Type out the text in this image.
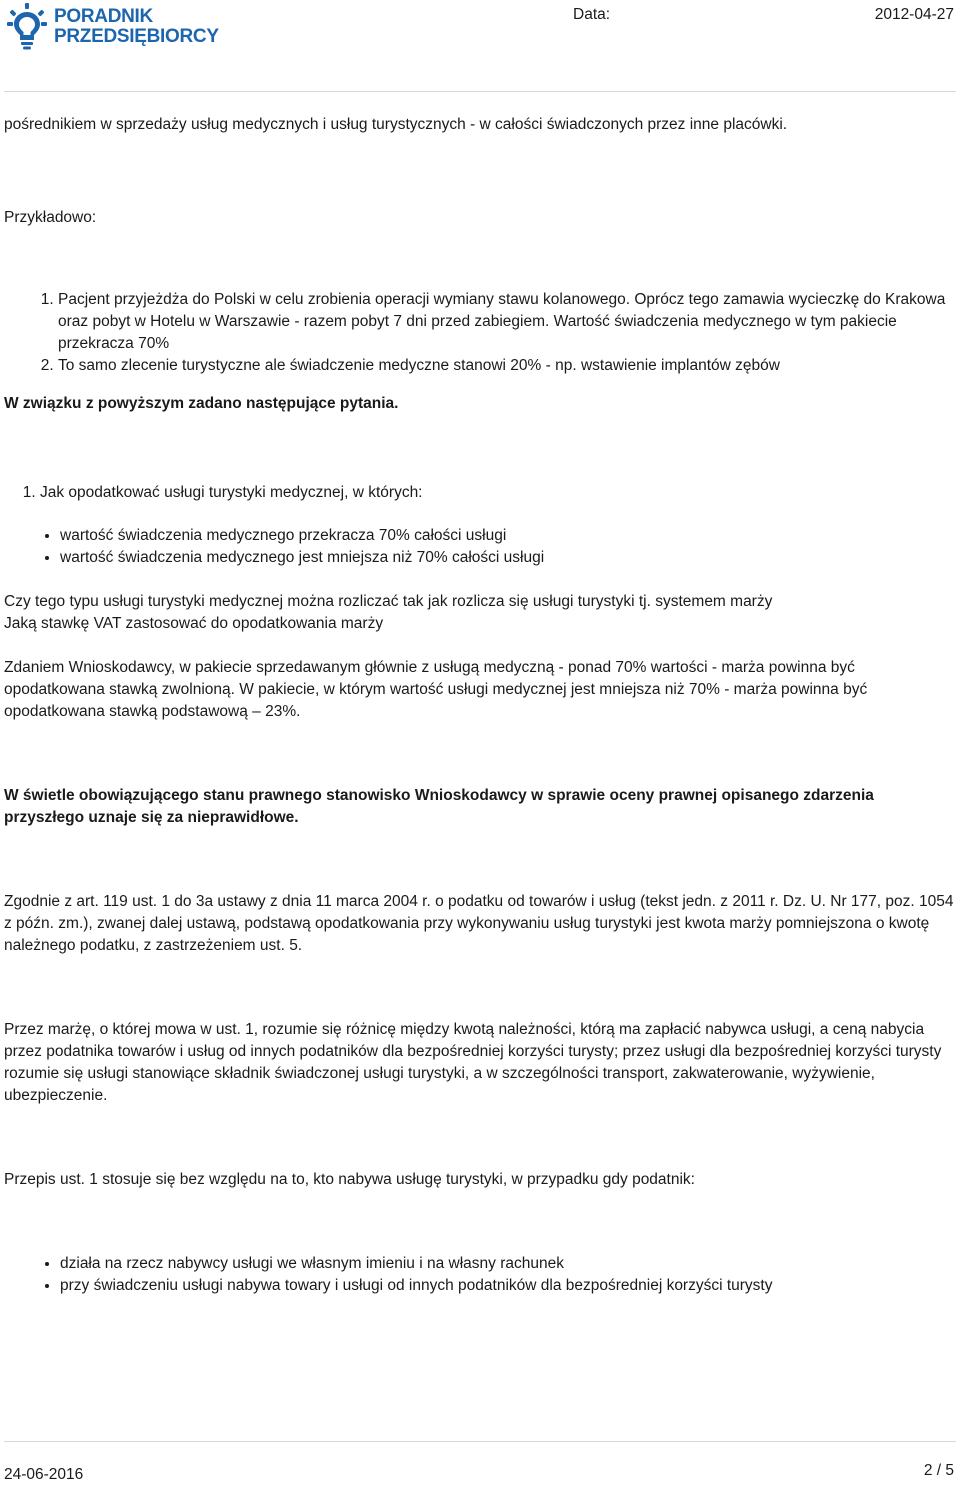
PORADNIK
PRZEDSIĘBIORCY
Data:	2012-04-27

pośrednikiem w sprzedaży usług medycznych i usług turystycznych - w całości świadczonych przez inne placówki.

Przykładowo:

1. Pacjent przyjeżdża do Polski w celu zrobienia operacji wymiany stawu kolanowego. Oprócz tego zamawia wycieczkę do Krakowa oraz pobyt w Hotelu w Warszawie - razem pobyt 7 dni przed zabiegiem. Wartość świadczenia medycznego w tym pakiecie przekracza 70%
2. To samo zlecenie turystyczne ale świadczenie medyczne stanowi 20% - np. wstawienie implantów zębów

W związku z powyższym zadano następujące pytania.

1. Jak opodatkować usługi turystyki medycznej, w których:
• wartość świadczenia medycznego przekracza 70% całości usługi
• wartość świadczenia medycznego jest mniejsza niż 70% całości usługi

Czy tego typu usługi turystyki medycznej można rozliczać tak jak rozlicza się usługi turystyki tj. systemem marży

Jaką stawkę VAT zastosować do opodatkowania marży

Zdaniem Wnioskodawcy, w pakiecie sprzedawanym głównie z usługą medyczną - ponad 70% wartości - marża powinna być opodatkowana stawką zwolnioną. W pakiecie, w którym wartość usługi medycznej jest mniejsza niż 70% - marża powinna być opodatkowana stawką podstawową – 23%.

W świetle obowiązującego stanu prawnego stanowisko Wnioskodawcy w sprawie oceny prawnej opisanego zdarzenia przyszłego uznaje się za nieprawidłowe.

Zgodnie z art. 119 ust. 1 do 3a ustawy z dnia 11 marca 2004 r. o podatku od towarów i usług (tekst jedn. z 2011 r. Dz. U. Nr 177, poz. 1054 z późn. zm.), zwanej dalej ustawą, podstawą opodatkowania przy wykonywaniu usług turystyki jest kwota marży pomniejszona o kwotę należnego podatku, z zastrzeżeniem ust. 5.

Przez marżę, o której mowa w ust. 1, rozumie się różnicę między kwotą należności, którą ma zapłacić nabywca usługi, a ceną nabycia przez podatnika towarów i usług od innych podatników dla bezpośredniej korzyści turysty; przez usługi dla bezpośredniej korzyści turysty rozumie się usługi stanowiące składnik świadczonej usługi turystyki, a w szczególności transport, zakwaterowanie, wyżywienie, ubezpieczenie.

Przepis ust. 1 stosuje się bez względu na to, kto nabywa usługę turystyki, w przypadku gdy podatnik:

• działa na rzecz nabywcy usługi we własnym imieniu i na własny rachunek
• przy świadczeniu usługi nabywa towary i usługi od innych podatników dla bezpośredniej korzyści turysty
24-06-2016	2 / 5
